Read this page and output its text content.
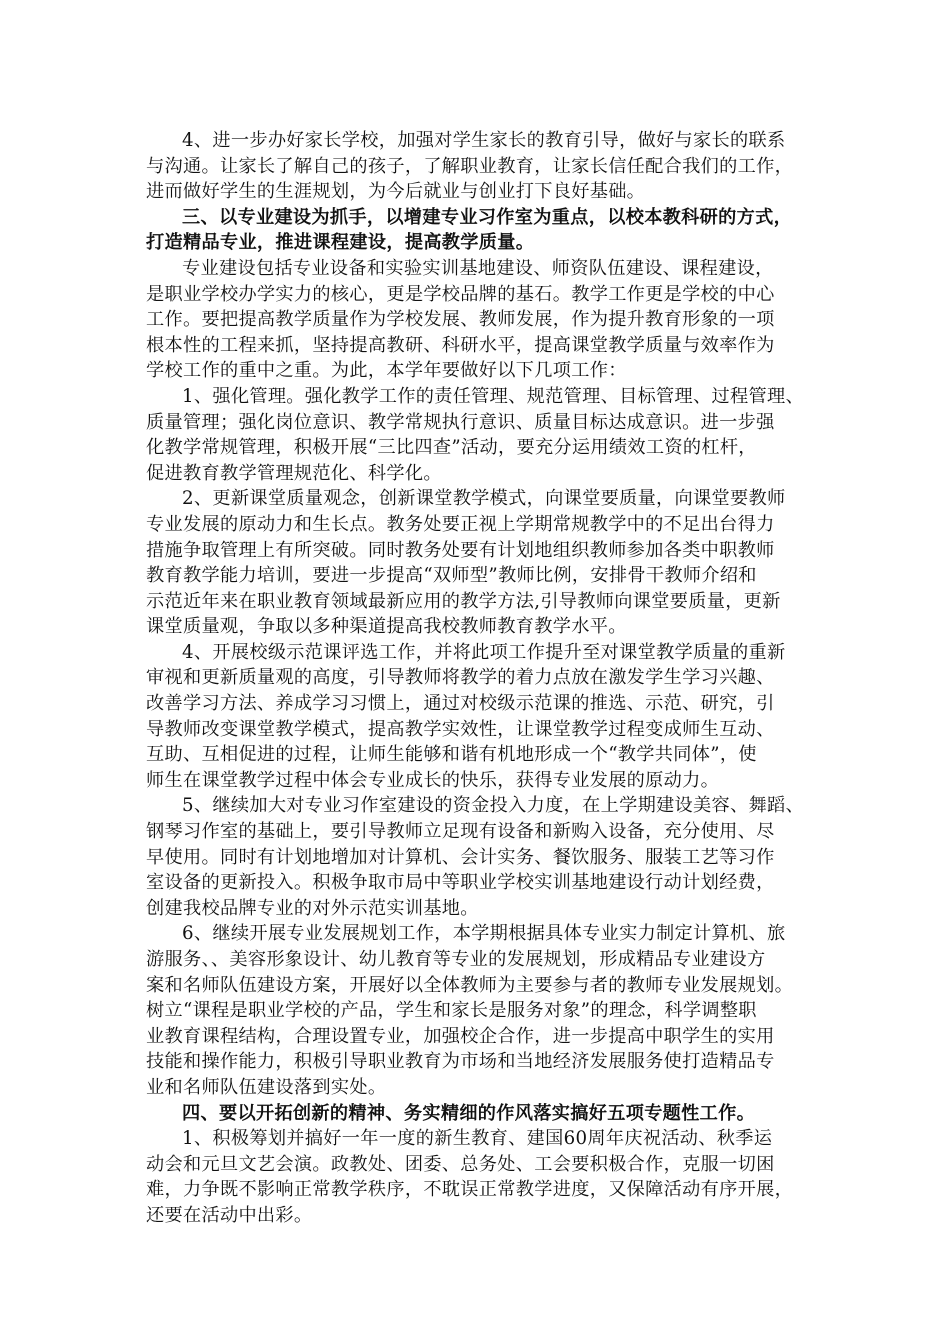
4、进一步办好家长学校，加强对学生家长的教育引导，做好与家长的联系
与沟通。让家长了解自己的孩子，了解职业教育，让家长信任配合我们的工作，
进而做好学生的生涯规划，为今后就业与创业打下良好基础。
三、以专业建设为抓手，以增建专业习作室为重点，以校本教科研的方式，
打造精品专业，推进课程建设，提高教学质量。
专业建设包括专业设备和实验实训基地建设、师资队伍建设、课程建设，
是职业学校办学实力的核心，更是学校品牌的基石。教学工作更是学校的中心
工作。要把提高教学质量作为学校发展、教师发展，作为提升教育形象的一项
根本性的工程来抓，坚持提高教研、科研水平，提高课堂教学质量与效率作为
学校工作的重中之重。为此，本学年要做好以下几项工作：
1、强化管理。强化教学工作的责任管理、规范管理、目标管理、过程管理、
质量管理；强化岗位意识、教学常规执行意识、质量目标达成意识。进一步强
化教学常规管理，积极开展“三比四查”活动，要充分运用绩效工资的杠杆，
促进教育教学管理规范化、科学化。
2、更新课堂质量观念，创新课堂教学模式，向课堂要质量，向课堂要教师
专业发展的原动力和生长点。教务处要正视上学期常规教学中的不足出台得力
措施争取管理上有所突破。同时教务处要有计划地组织教师参加各类中职教师
教育教学能力培训，要进一步提高“双师型”教师比例，安排骨干教师介绍和
示范近年来在职业教育领域最新应用的教学方法,引导教师向课堂要质量，更新
课堂质量观，争取以多种渠道提高我校教师教育教学水平。
4、开展校级示范课评选工作，并将此项工作提升至对课堂教学质量的重新
审视和更新质量观的高度，引导教师将教学的着力点放在激发学生学习兴趣、
改善学习方法、养成学习习惯上，通过对校级示范课的推选、示范、研究，引
导教师改变课堂教学模式，提高教学实效性，让课堂教学过程变成师生互动、
互助、互相促进的过程，让师生能够和谐有机地形成一个“教学共同体”，使
师生在课堂教学过程中体会专业成长的快乐，获得专业发展的原动力。
5、继续加大对专业习作室建设的资金投入力度，在上学期建设美容、舞蹈、
钢琴习作室的基础上，要引导教师立足现有设备和新购入设备，充分使用、尽
早使用。同时有计划地增加对计算机、会计实务、餐饮服务、服装工艺等习作
室设备的更新投入。积极争取市局中等职业学校实训基地建设行动计划经费，
创建我校品牌专业的对外示范实训基地。
6、继续开展专业发展规划工作，本学期根据具体专业实力制定计算机、旅
游服务、、美容形象设计、幼儿教育等专业的发展规划，形成精品专业建设方
案和名师队伍建设方案，开展好以全体教师为主要参与者的教师专业发展规划。
树立“课程是职业学校的产品，学生和家长是服务对象”的理念，科学调整职
业教育课程结构，合理设置专业，加强校企合作，进一步提高中职学生的实用
技能和操作能力，积极引导职业教育为市场和当地经济发展服务使打造精品专
业和名师队伍建设落到实处。
四、要以开拓创新的精神、务实精细的作风落实搞好五项专题性工作。
1、积极筹划并搞好一年一度的新生教育、建国60周年庆祝活动、秋季运
动会和元旦文艺会演。政教处、团委、总务处、工会要积极合作，克服一切困
难，力争既不影响正常教学秩序，不耽误正常教学进度，又保障活动有序开展，
还要在活动中出彩。
